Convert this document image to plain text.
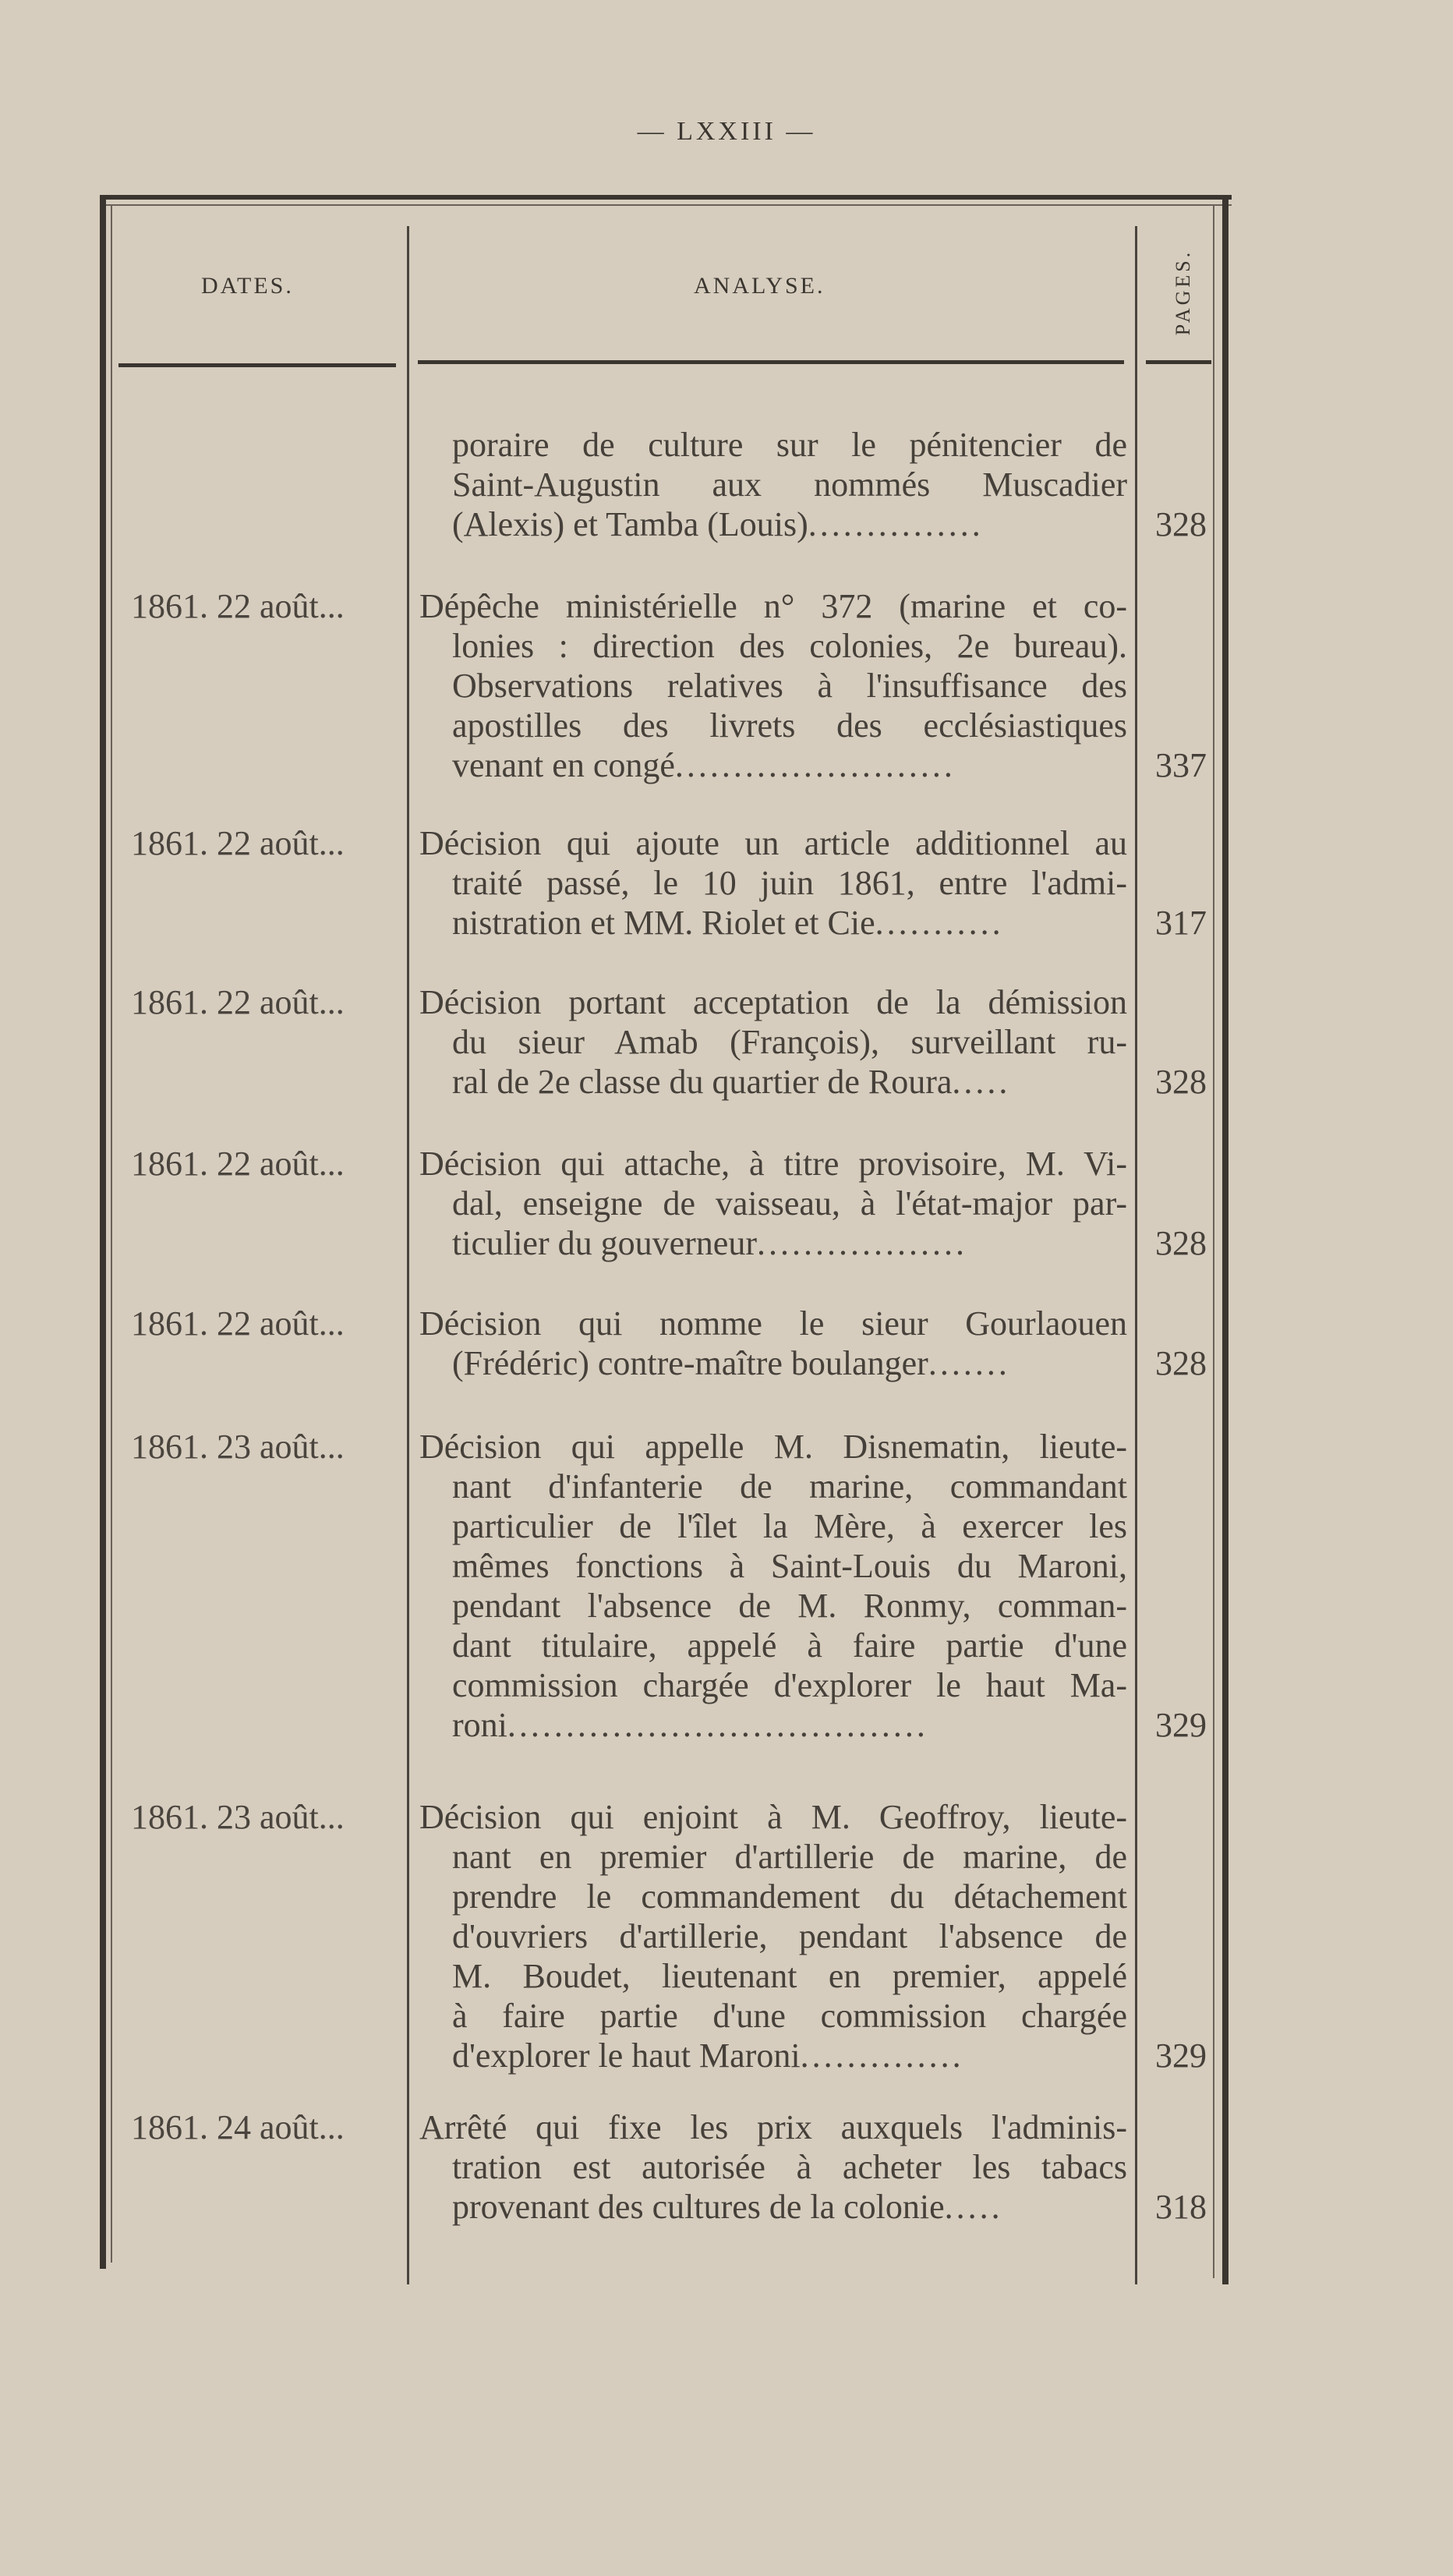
— LXXIII —
DATES.	ANALYSE.	PAGES.
poraire de culture sur le pénitencier de
Saint-Augustin aux nommés Muscadier
(Alexis) et Tamba (Louis)...............	328
1861. 22 août... Dépêche ministérielle n° 372 (marine et co-
lonies : direction des colonies, 2e bureau).
Observations relatives à l'insuffisance des
apostilles des livrets des ecclésiastiques
venant en congé........................	337
1861. 22 août... Décision qui ajoute un article additionnel au
traité passé, le 10 juin 1861, entre l'admi-
nistration et MM. Riolet et Cie...........	317
1861. 22 août... Décision portant acceptation de la démission
du sieur Amab (François), surveillant ru-
ral de 2e classe du quartier de Roura.....	328
1861. 22 août... Décision qui attache, à titre provisoire, M. Vi-
dal, enseigne de vaisseau, à l'état-major par-
ticulier du gouverneur..................	328
1861. 22 août... Décision qui nomme le sieur Gourlaouen
(Frédéric) contre-maître boulanger.......	328
1861. 23 août... Décision qui appelle M. Disnematin, lieute-
nant d'infanterie de marine, commandant
particulier de l'îlet la Mère, à exercer les
mêmes fonctions à Saint-Louis du Maroni,
pendant l'absence de M. Ronmy, comman-
dant titulaire, appelé à faire partie d'une
commission chargée d'explorer le haut Ma-
roni....................................	329
1861. 23 août... Décision qui enjoint à M. Geoffroy, lieute-
nant en premier d'artillerie de marine, de
prendre le commandement du détachement
d'ouvriers d'artillerie, pendant l'absence de
M. Boudet, lieutenant en premier, appelé
à faire partie d'une commission chargée
d'explorer le haut Maroni..............	329
1861. 24 août... Arrêté qui fixe les prix auxquels l'adminis-
tration est autorisée à acheter les tabacs
provenant des cultures de la colonie.....	318
